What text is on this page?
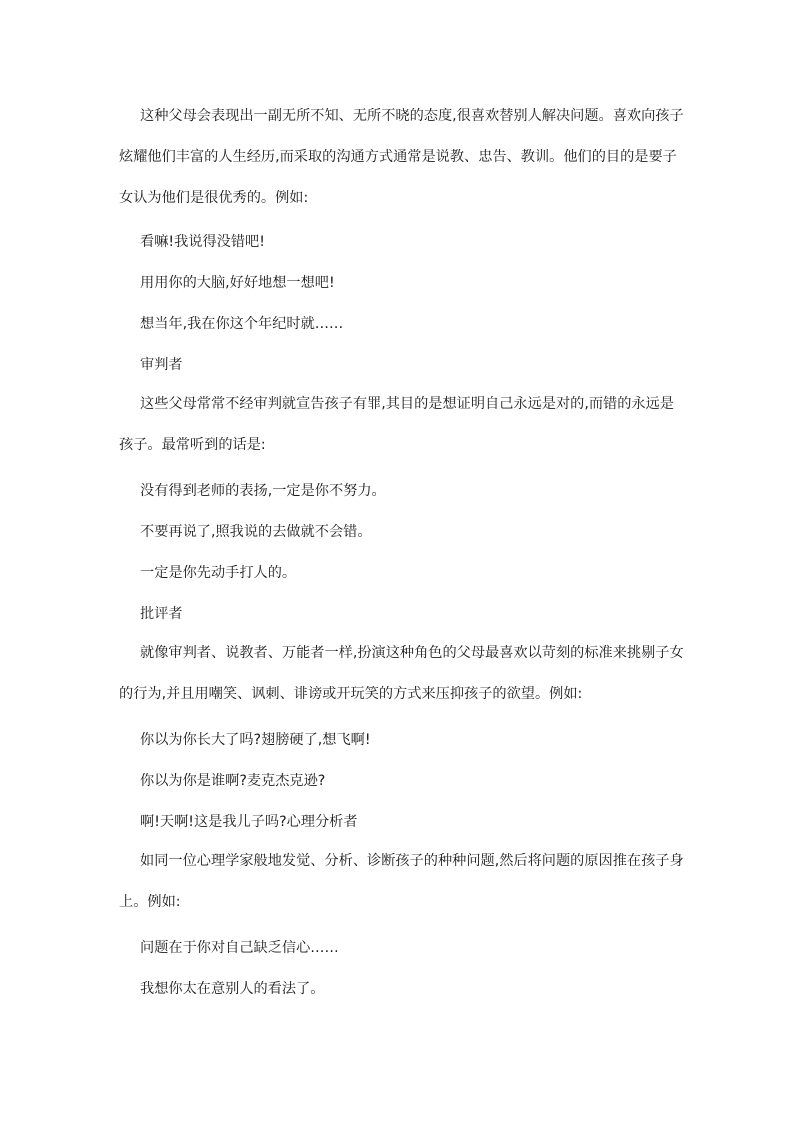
这种父母会表现出一副无所不知、无所不晓的态度,很喜欢替别人解决问题。喜欢向孩子
炫耀他们丰富的人生经历,而采取的沟通方式通常是说教、忠告、教训。他们的目的是要子
女认为他们是很优秀的。例如:

看嘛!我说得没错吧!

用用你的大脑,好好地想一想吧!

想当年,我在你这个年纪时就……

审判者

这些父母常常不经审判就宣告孩子有罪,其目的是想证明自己永远是对的,而错的永远是
孩子。最常听到的话是:

没有得到老师的表扬,一定是你不努力。

不要再说了,照我说的去做就不会错。

一定是你先动手打人的。

批评者

就像审判者、说教者、万能者一样,扮演这种角色的父母最喜欢以苛刻的标准来挑剔子女
的行为,并且用嘲笑、讽刺、诽谤或开玩笑的方式来压抑孩子的欲望。例如:

你以为你长大了吗?翅膀硬了,想飞啊!

你以为你是谁啊?麦克杰克逊?

啊!天啊!这是我儿子吗?心理分析者

如同一位心理学家般地发觉、分析、诊断孩子的种种问题,然后将问题的原因推在孩子身
上。例如:

问题在于你对自己缺乏信心……

我想你太在意别人的看法了。
